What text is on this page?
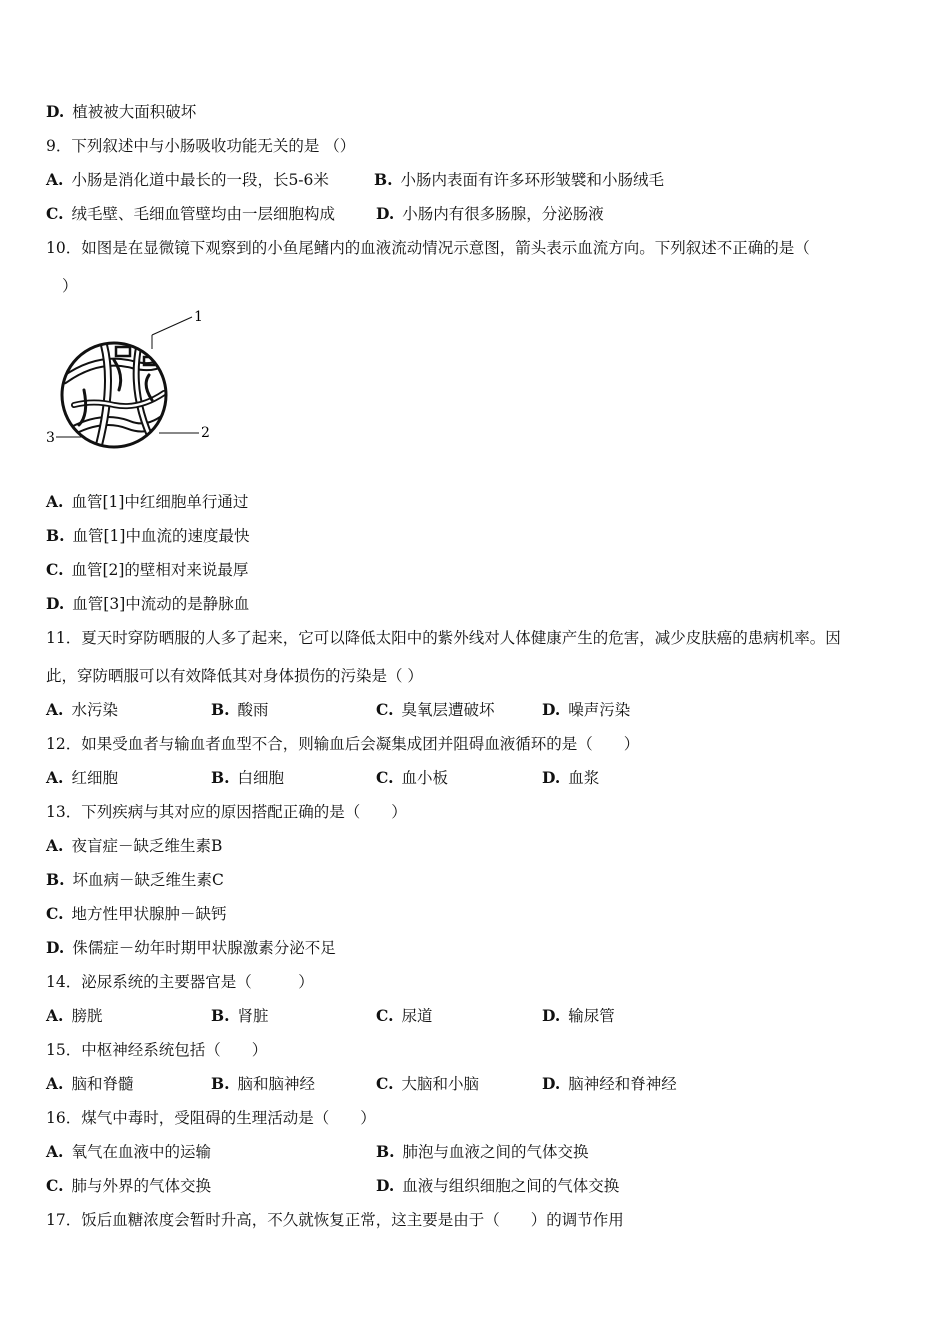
D. 植被被大面积破坏
9．下列叙述中与小肠吸收功能无关的是 （）
A. 小肠是消化道中最长的一段，长5-6米	B. 小肠内表面有许多环形皱襞和小肠绒毛
C. 绒毛壁、毛细血管壁均由一层细胞构成	D. 小肠内有很多肠腺，分泌肠液
10．如图是在显微镜下观察到的小鱼尾鳍内的血液流动情况示意图，箭头表示血流方向。下列叙述不正确的是（
）
1
2
3
A. 血管[1]中红细胞单行通过
B. 血管[1]中血流的速度最快
C. 血管[2]的壁相对来说最厚
D. 血管[3]中流动的是静脉血
11．夏天时穿防晒服的人多了起来，它可以降低太阳中的紫外线对人体健康产生的危害，减少皮肤癌的患病机率。因
此，穿防晒服可以有效降低其对身体损伤的污染是（ ）
A. 水污染	B. 酸雨	C. 臭氧层遭破坏	D. 噪声污染
12．如果受血者与输血者血型不合，则输血后会凝集成团并阻碍血液循环的是（　　）
A. 红细胞	B. 白细胞	C. 血小板	D. 血浆
13．下列疾病与其对应的原因搭配正确的是（　　）
A. 夜盲症－缺乏维生素B
B. 坏血病－缺乏维生素C
C. 地方性甲状腺肿－缺钙
D. 侏儒症－幼年时期甲状腺激素分泌不足
14．泌尿系统的主要器官是（　　　）
A. 膀胱	B. 肾脏	C. 尿道	D. 输尿管
15．中枢神经系统包括（　　）
A. 脑和脊髓	B. 脑和脑神经	C. 大脑和小脑	D. 脑神经和脊神经
16．煤气中毒时，受阻碍的生理活动是（　　）
A. 氧气在血液中的运输	B. 肺泡与血液之间的气体交换
C. 肺与外界的气体交换	D. 血液与组织细胞之间的气体交换
17．饭后血糖浓度会暂时升高，不久就恢复正常，这主要是由于（　　）的调节作用
